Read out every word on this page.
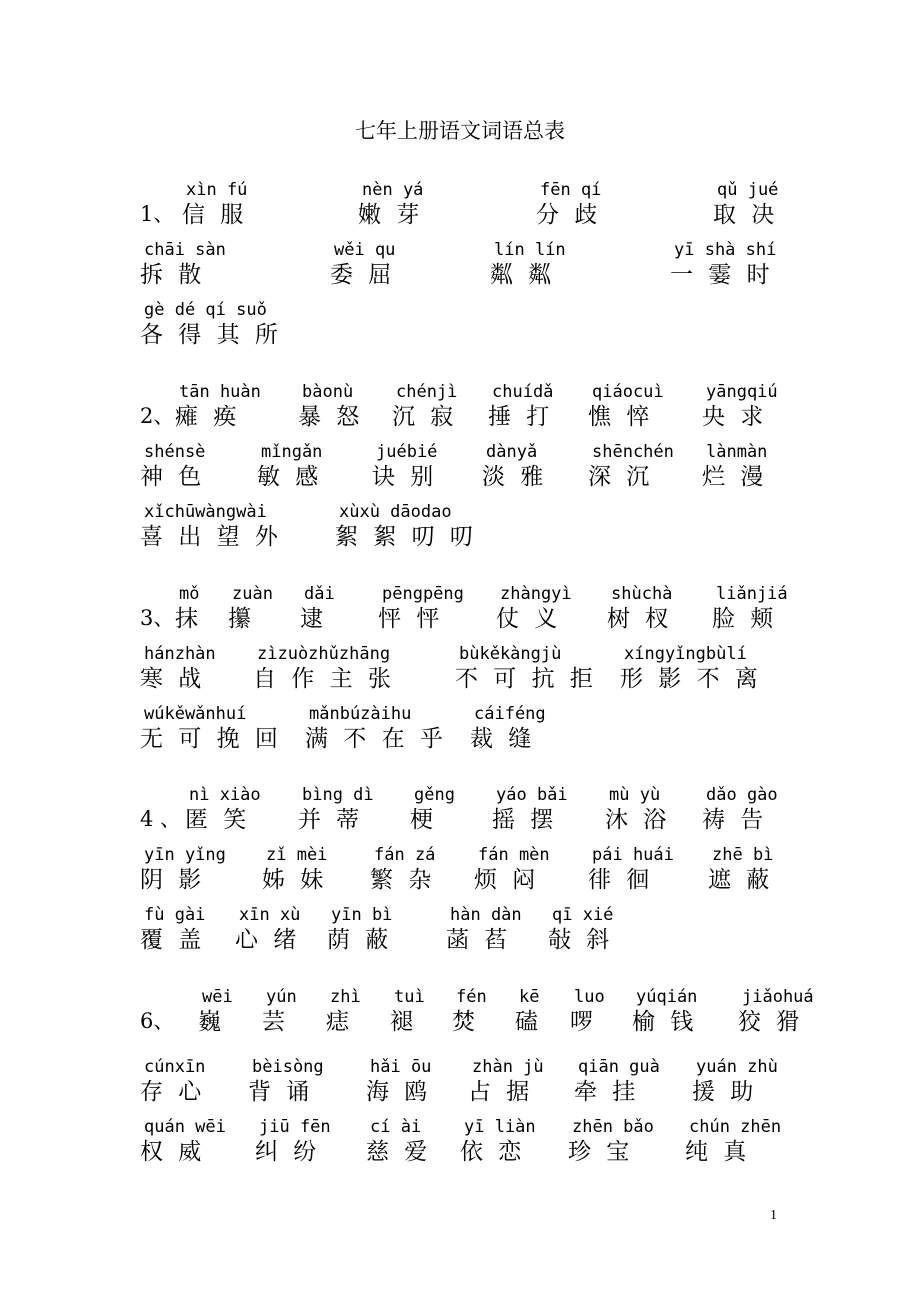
七年上册语文词语总表
1、
xìn fú
信 服
nèn yá
嫩 芽
fēn qí
分 歧
qǔ jué
取 决
chāi sàn
拆 散
wěi qu
委 屈
lín lín
粼 粼
yī shà shí
一 霎 时
gè dé qí suǒ
各 得 其 所
2、
tān huàn
瘫 痪
bàonù
暴 怒
chénjì
沉 寂
chuídǎ
捶 打
qiáocuì
憔 悴
yāngqiú
央 求
shénsè
神 色
mǐngǎn
敏 感
juébié
诀 别
dànyǎ
淡 雅
shēnchén
深 沉
lànmàn
烂 漫
xǐchūwàngwài
喜 出 望 外
xùxù dāodao
絮 絮 叨 叨
3、
mǒ
抹
zuàn
攥
dǎi
逮
pēngpēng
怦 怦
zhàngyì
仗 义
shùchà
树 杈
liǎnjiá
脸 颊
hánzhàn
寒 战
zìzuòzhǔzhāng
自 作 主 张
bùkěkàngjù
不 可 抗 拒
xíngyǐngbùlí
形 影 不 离
wúkěwǎnhuí
无 可 挽 回
mǎnbúzàihu
满 不 在 乎
cáiféng
裁 缝
4 、
nì xiào
匿 笑
bìng dì
并 蒂
gěng
梗
yáo bǎi
摇 摆
mù yù
沐 浴
dǎo gào
祷 告
yīn yǐng
阴 影
zǐ mèi
姊 妹
fán zá
繁 杂
fán mèn
烦 闷
pái huái
徘 徊
zhē bì
遮 蔽
fù gài
覆 盖
xīn xù
心 绪
yīn bì
荫 蔽
hàn dàn
菡 萏
qī xié
敧 斜
6、
wēi
巍
yún
芸
zhì
痣
tuì
褪
fén
焚
kē
磕
luo
啰
yúqián
榆 钱
jiǎohuá
狡 猾
cúnxīn
存 心
bèisòng
背 诵
hǎi ōu
海 鸥
zhàn jù
占 据
qiān guà
牵 挂
yuán zhù
援 助
quán wēi
权 威
jiū fēn
纠 纷
cí ài
慈 爱
yī liàn
依 恋
zhēn bǎo
珍 宝
chún zhēn
纯 真
1
